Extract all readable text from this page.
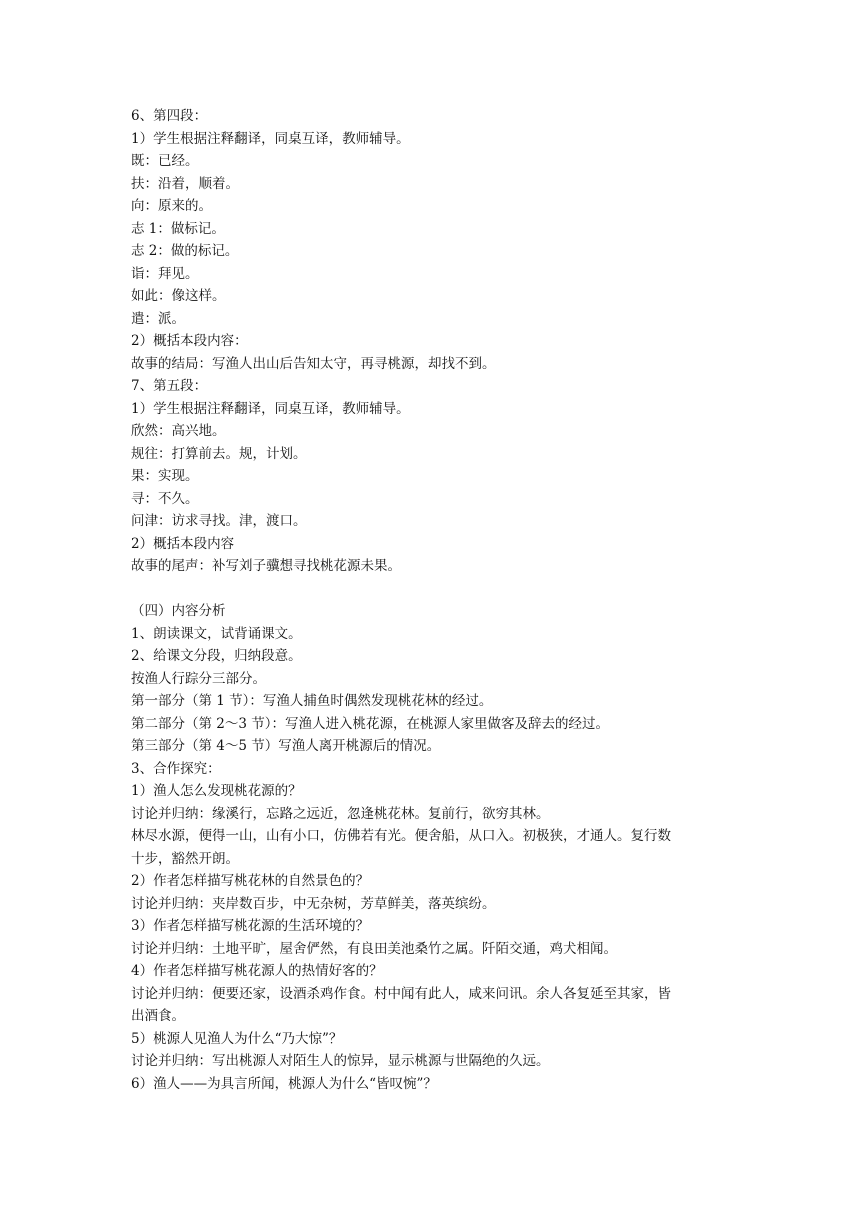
6、第四段：
1）学生根据注释翻译，同桌互译，教师辅导。
既：已经。
扶：沿着，顺着。
向：原来的。
志 1：做标记。
志 2：做的标记。
诣：拜见。
如此：像这样。
遣：派。
2）概括本段内容：
故事的结局：写渔人出山后告知太守，再寻桃源，却找不到。
7、第五段：
1）学生根据注释翻译，同桌互译，教师辅导。
欣然：高兴地。
规往：打算前去。规，计划。
果：实现。
寻：不久。
问津：访求寻找。津，渡口。
2）概括本段内容
故事的尾声：补写刘子骥想寻找桃花源未果。
（四）内容分析
1、朗读课文，试背诵课文。
2、给课文分段，归纳段意。
按渔人行踪分三部分。
第一部分（第 1 节）：写渔人捕鱼时偶然发现桃花林的经过。
第二部分（第 2～3 节）：写渔人进入桃花源，在桃源人家里做客及辞去的经过。
第三部分（第 4～5 节）写渔人离开桃源后的情况。
3、合作探究：
1）渔人怎么发现桃花源的？
讨论并归纳：缘溪行，忘路之远近，忽逢桃花林。复前行，欲穷其林。
林尽水源，便得一山，山有小口，仿佛若有光。便舍船，从口入。初极狭，才通人。复行数
十步，豁然开朗。
2）作者怎样描写桃花林的自然景色的？
讨论并归纳：夹岸数百步，中无杂树，芳草鲜美，落英缤纷。
3）作者怎样描写桃花源的生活环境的？
讨论并归纳：土地平旷，屋舍俨然，有良田美池桑竹之属。阡陌交通，鸡犬相闻。
4）作者怎样描写桃花源人的热情好客的？
讨论并归纳：便要还家，设酒杀鸡作食。村中闻有此人，咸来问讯。余人各复延至其家，皆
出酒食。
5）桃源人见渔人为什么“乃大惊”？
讨论并归纳：写出桃源人对陌生人的惊异，显示桃源与世隔绝的久远。
6）渔人——为具言所闻，桃源人为什么“皆叹惋”？
